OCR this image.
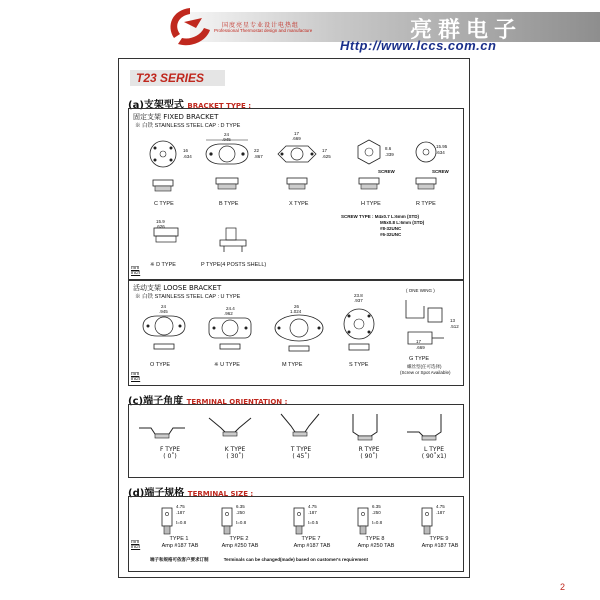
国度亮星专业设计电热组
Professional Thermostat design and manufacture	亮群电子
Http://www.lccs.com.cn
T23 SERIES
(a)支架型式 BRACKET TYPE :
固定支架 FIXED BRACKET
※ 白铁 STAINLESS STEEL CAP : D TYPE
24
.945
22
.867
16
.634
17
.669
17
.625
8.6
.339
SCREW
15.95
.634
SCREW
C TYPE	B TYPE	X TYPE	H TYPE	R TYPE
SCREW TYPE : M4x0.7 L:6mm (STD)
M5x0.8 L:6mm (STD)
#8-32UNC
#6-32UNC
15.9
.626
※ D TYPE	P TYPE(4 POSTS SHELL)
mm
inch
活动支架 LOOSE BRACKET
※ 白铁 STAINLESS STEEL CAP : U TYPE
( ONE WING )
24
.945
24.4
.962
26
1.024
23.8
.937
17
.669
13
.512
O TYPE	※ U TYPE	M TYPE	S TYPE
G TYPE
螺丝型(任可选择)
(Screw or Spot Available)
mm
inch
(c)端子角度 TERMINAL ORIENTATION :
F TYPE
( 0˚)
K TYPE
( 30˚)
T TYPE
( 45˚)
R TYPE
( 90˚)
L TYPE
( 90˚x1)
(d)端子规格 TERMINAL SIZE :
4.75
.187
t=0.8
TYPE 1
Amp #187 TAB
6.35
.250
t=0.8
TYPE 2
Amp #250 TAB
4.75
.187
t=0.5
TYPE 7
Amp #187 TAB
6.35
.250
t=0.8
TYPE 8
Amp #250 TAB
4.75
.187
TYPE 9
Amp #187 TAB
mm
inch
端子和规格可依客户要求订制	Terminals can be changed(made) based on customer's requirement
2
